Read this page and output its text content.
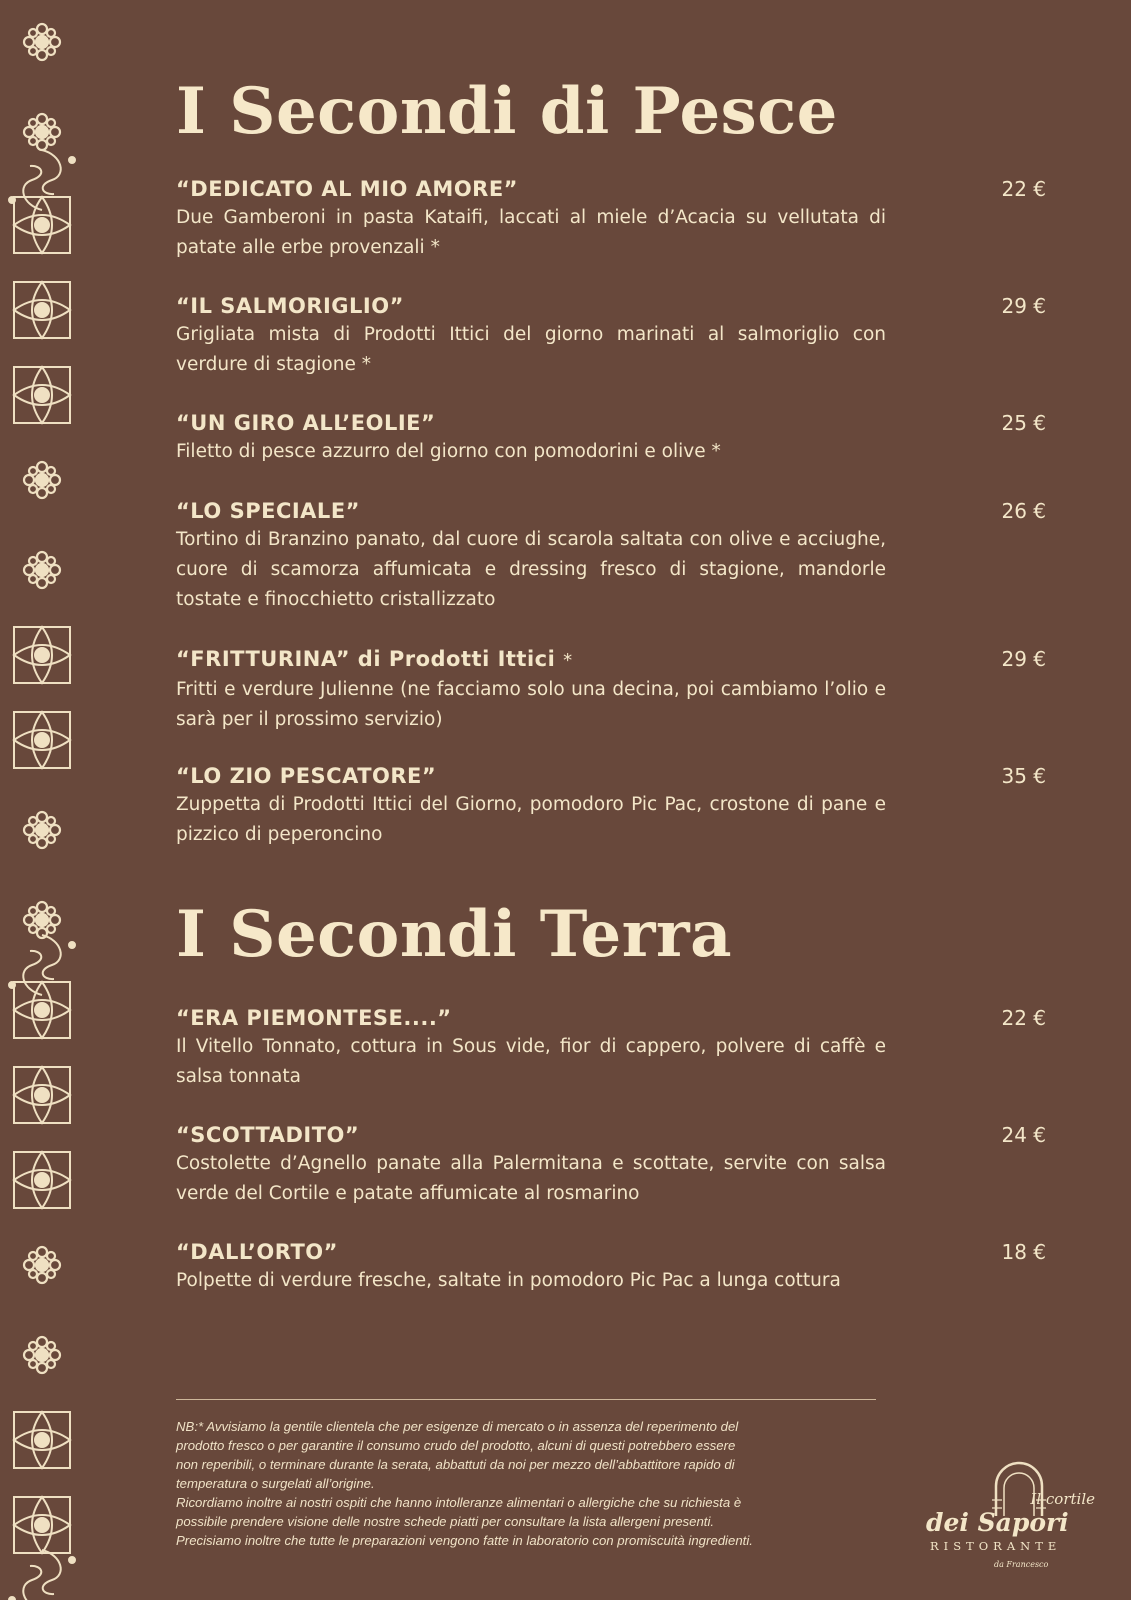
I Secondi di Pesce
“DEDICATO AL MIO AMORE”	22 €
Due Gamberoni in pasta Kataifi, laccati al miele d’Acacia su vellutata di patate alle erbe provenzali *
“IL SALMORIGLIO”	29 €
Grigliata mista di Prodotti Ittici del giorno marinati al salmoriglio con verdure di stagione *
“UN GIRO ALL’EOLIE”	25 €
Filetto di pesce azzurro del giorno con pomodorini e olive *
“LO SPECIALE”	26 €
Tortino di Branzino panato, dal cuore di scarola saltata con olive e acciughe, cuore di scamorza affumicata e dressing fresco di stagione, mandorle tostate e finocchietto cristallizzato
“FRITTURINA” di Prodotti Ittici *	29 €
Fritti e verdure Julienne (ne facciamo solo una decina, poi cambiamo l’olio e sarà per il prossimo servizio)
“LO ZIO PESCATORE”	35 €
Zuppetta di Prodotti Ittici del Giorno, pomodoro Pic Pac, crostone di pane e pizzico di peperoncino
I Secondi Terra
“ERA PIEMONTESE....”	22 €
Il Vitello Tonnato, cottura in Sous vide, fior di cappero, polvere di caffè e salsa tonnata
“SCOTTADITO”	24 €
Costolette d’Agnello panate alla Palermitana e scottate, servite con salsa verde del Cortile e patate affumicate al rosmarino
“DALL’ORTO”	18 €
Polpette di verdure fresche, saltate in pomodoro Pic Pac a lunga cottura
NB:* Avvisiamo la gentile clientela che per esigenze di mercato o in assenza del reperimento del
prodotto fresco o per garantire il consumo crudo del prodotto, alcuni di questi potrebbero essere
non reperibili, o terminare durante la serata, abbattuti da noi per mezzo dell’abbattitore rapido di
temperatura o surgelati all’origine.
Ricordiamo inoltre ai nostri ospiti che hanno intolleranze alimentari o allergiche che su richiesta è
possibile prendere visione delle nostre schede piatti per consultare la lista allergeni presenti.
Precisiamo inoltre che tutte le preparazioni vengono fatte in laboratorio con promiscuità ingredienti.
Il cortile
dei Sapori
RISTORANTE
da Francesco
